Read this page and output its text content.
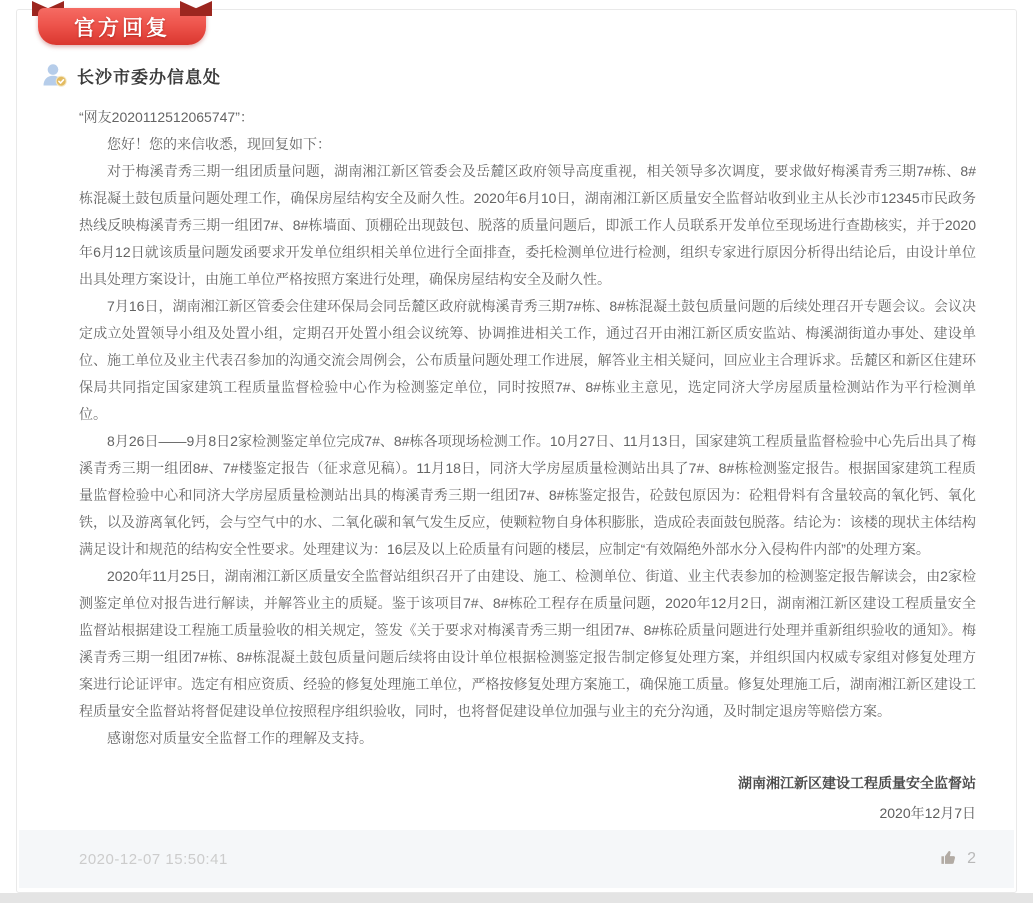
官方回复
长沙市委办信息处

“网友2020112512065747”：

您好！您的来信收悉，现回复如下：

对于梅溪青秀三期一组团质量问题，湖南湘江新区管委会及岳麓区政府领导高度重视，相关领导多次调度，要求做好梅溪青秀三期7#栋、8#栋混凝土鼓包质量问题处理工作，确保房屋结构安全及耐久性。2020年6月10日，湖南湘江新区质量安全监督站收到业主从长沙市12345市民政务热线反映梅溪青秀三期一组团7#、8#栋墙面、顶棚砼出现鼓包、脱落的质量问题后，即派工作人员联系开发单位至现场进行查勘核实，并于2020年6月12日就该质量问题发函要求开发单位组织相关单位进行全面排查，委托检测单位进行检测，组织专家进行原因分析得出结论后，由设计单位出具处理方案设计，由施工单位严格按照方案进行处理，确保房屋结构安全及耐久性。

7月16日，湖南湘江新区管委会住建环保局会同岳麓区政府就梅溪青秀三期7#栋、8#栋混凝土鼓包质量问题的后续处理召开专题会议。会议决定成立处置领导小组及处置小组，定期召开处置小组会议统筹、协调推进相关工作，通过召开由湘江新区质安监站、梅溪湖街道办事处、建设单位、施工单位及业主代表召参加的沟通交流会周例会，公布质量问题处理工作进展，解答业主相关疑问，回应业主合理诉求。岳麓区和新区住建环保局共同指定国家建筑工程质量监督检验中心作为检测鉴定单位，同时按照7#、8#栋业主意见，选定同济大学房屋质量检测站作为平行检测单位。

8月26日——9月8日2家检测鉴定单位完成7#、8#栋各项现场检测工作。10月27日、11月13日，国家建筑工程质量监督检验中心先后出具了梅溪青秀三期一组团8#、7#楼鉴定报告（征求意见稿）。11月18日，同济大学房屋质量检测站出具了7#、8#栋检测鉴定报告。根据国家建筑工程质量监督检验中心和同济大学房屋质量检测站出具的梅溪青秀三期一组团7#、8#栋鉴定报告，砼鼓包原因为：砼粗骨料有含量较高的氧化钙、氧化铁，以及游离氧化钙，会与空气中的水、二氧化碳和氧气发生反应，使颗粒物自身体积膨胀，造成砼表面鼓包脱落。结论为：该楼的现状主体结构满足设计和规范的结构安全性要求。处理建议为：16层及以上砼质量有问题的楼层，应制定“有效隔绝外部水分入侵构件内部”的处理方案。

2020年11月25日，湖南湘江新区质量安全监督站组织召开了由建设、施工、检测单位、街道、业主代表参加的检测鉴定报告解读会，由2家检测鉴定单位对报告进行解读，并解答业主的质疑。鉴于该项目7#、8#栋砼工程存在质量问题，2020年12月2日，湖南湘江新区建设工程质量安全监督站根据建设工程施工质量验收的相关规定，签发《关于要求对梅溪青秀三期一组团7#、8#栋砼质量问题进行处理并重新组织验收的通知》。梅溪青秀三期一组团7#栋、8#栋混凝土鼓包质量问题后续将由设计单位根据检测鉴定报告制定修复处理方案，并组织国内权威专家组对修复处理方案进行论证评审。选定有相应资质、经验的修复处理施工单位，严格按修复处理方案施工，确保施工质量。修复处理施工后，湖南湘江新区建设工程质量安全监督站将督促建设单位按照程序组织验收，同时，也将督促建设单位加强与业主的充分沟通，及时制定退房等赔偿方案。

感谢您对质量安全监督工作的理解及支持。

湖南湘江新区建设工程质量安全监督站
2020年12月7日
2020-12-07 15:50:41	2
